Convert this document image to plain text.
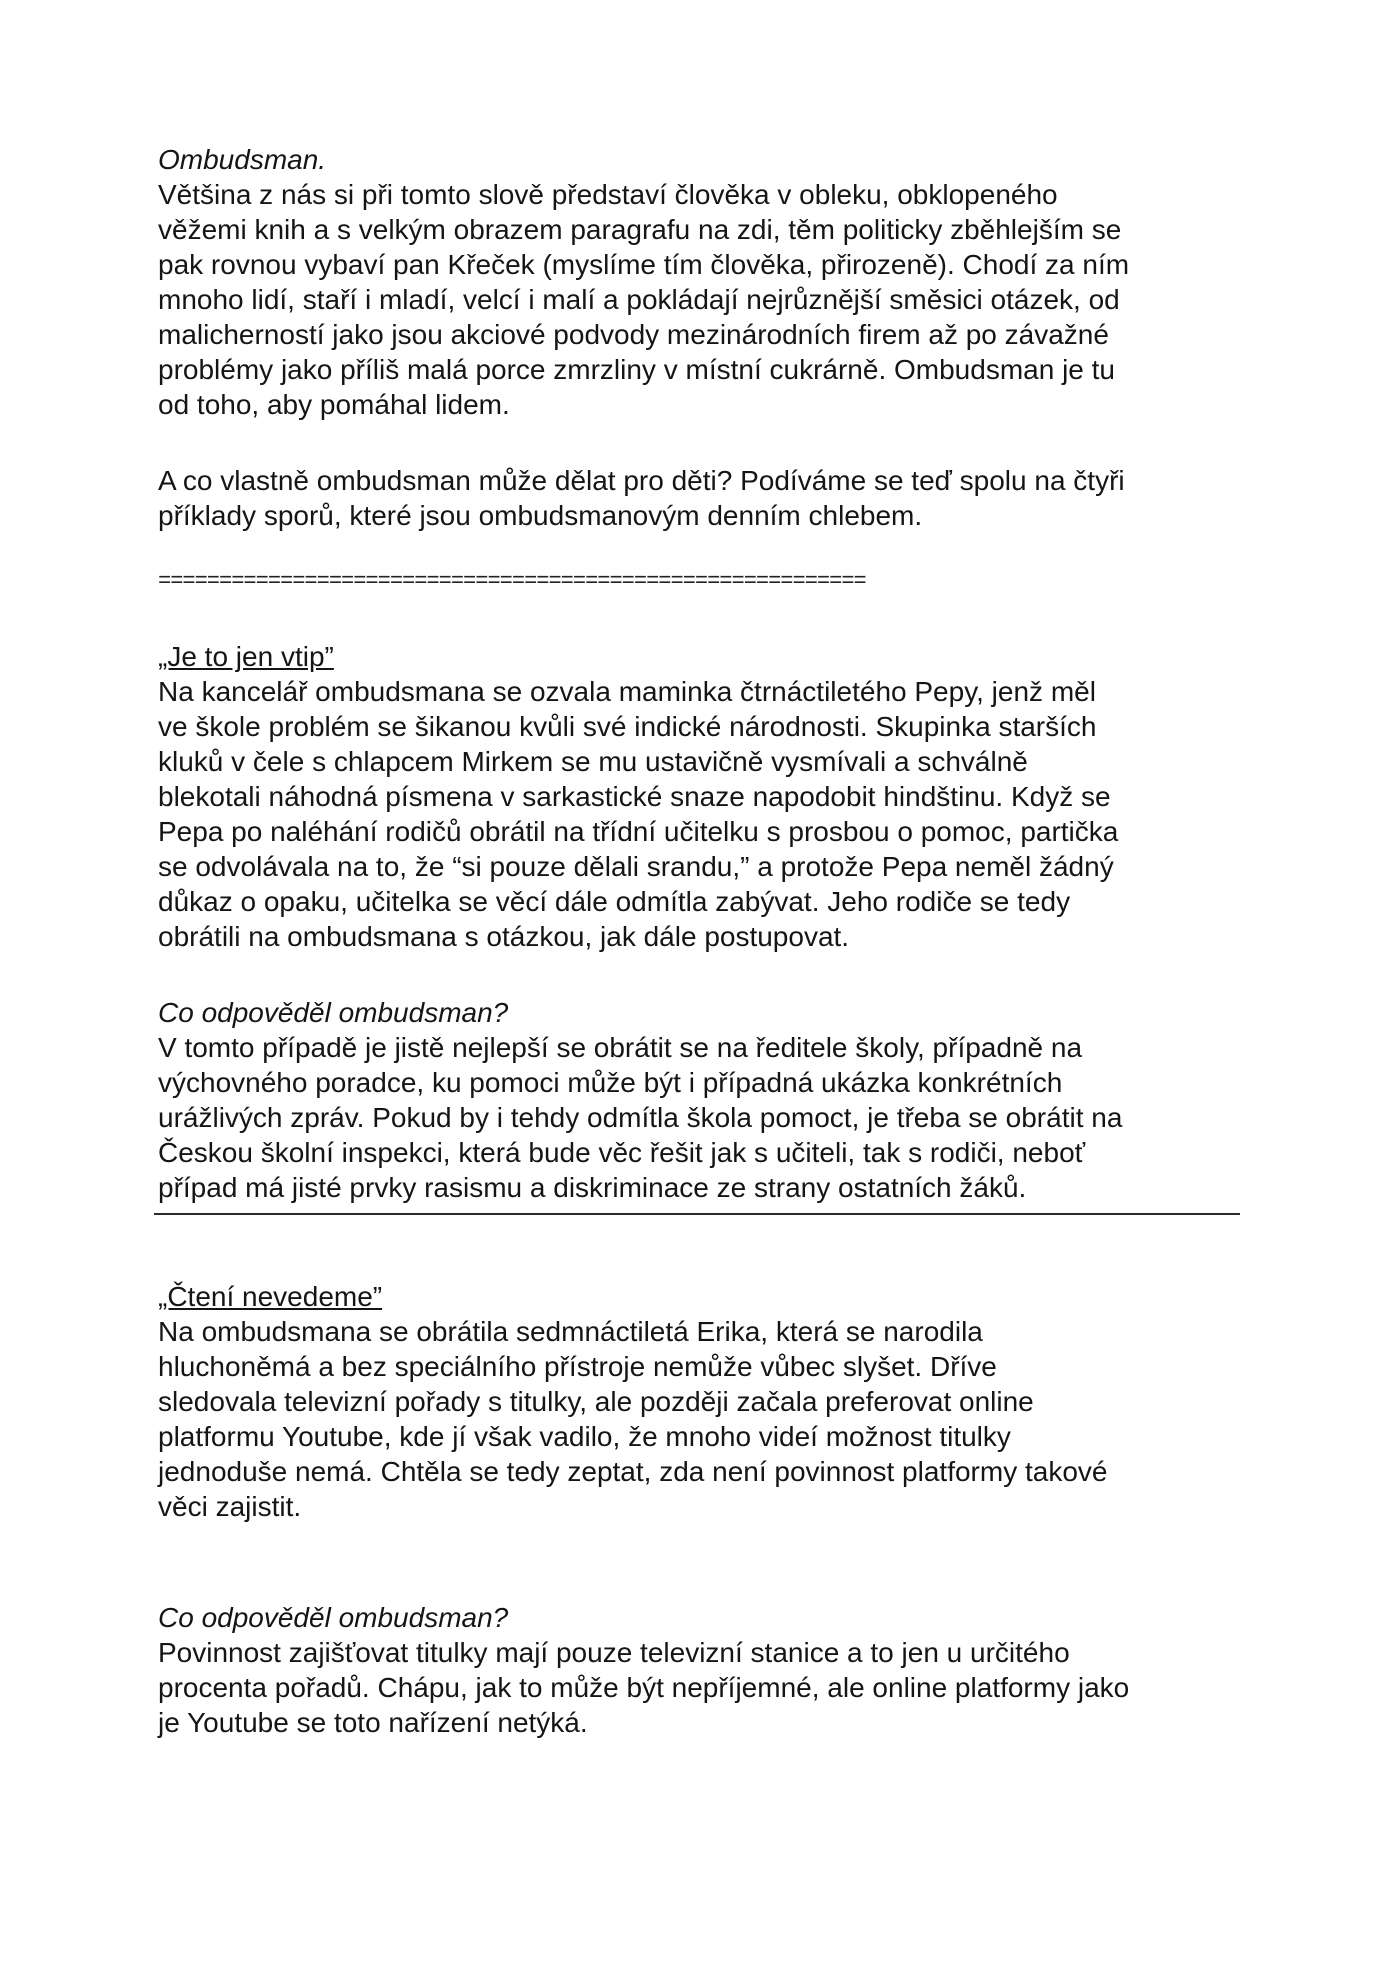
Ombudsman.

Většina z nás si při tomto slově představí člověka v obleku, obklopeného
věžemi knih a s velkým obrazem paragrafu na zdi, těm politicky zběhlejším se
pak rovnou vybaví pan Křeček (myslíme tím člověka, přirozeně). Chodí za ním
mnoho lidí, staří i mladí, velcí i malí a pokládají nejrůznější směsici otázek, od
malicherností jako jsou akciové podvody mezinárodních firem až po závažné
problémy jako příliš malá porce zmrzliny v místní cukrárně. Ombudsman je tu
od toho, aby pomáhal lidem.
A co vlastně ombudsman může dělat pro děti? Podíváme se teď spolu na čtyři
příklady sporů, které jsou ombudsmanovým denním chlebem.
==========================================================

„Je to jen vtip”

Na kancelář ombudsmana se ozvala maminka čtrnáctiletého Pepy, jenž měl
ve škole problém se šikanou kvůli své indické národnosti. Skupinka starších
kluků v čele s chlapcem Mirkem se mu ustavičně vysmívali a schválně
blekotali náhodná písmena v sarkastické snaze napodobit hindštinu. Když se
Pepa po naléhání rodičů obrátil na třídní učitelku s prosbou o pomoc, partička
se odvolávala na to, že “si pouze dělali srandu,” a protože Pepa neměl žádný
důkaz o opaku, učitelka se věcí dále odmítla zabývat. Jeho rodiče se tedy
obrátili na ombudsmana s otázkou, jak dále postupovat.

Co odpověděl ombudsman?

V tomto případě je jistě nejlepší se obrátit se na ředitele školy, případně na
výchovného poradce, ku pomoci může být i případná ukázka konkrétních
urážlivých zpráv. Pokud by i tehdy odmítla škola pomoct, je třeba se obrátit na
Českou školní inspekci, která bude věc řešit jak s učiteli, tak s rodiči, neboť
případ má jisté prvky rasismu a diskriminace ze strany ostatních žáků.

„Čtení nevedeme”

Na ombudsmana se obrátila sedmnáctiletá Erika, která se narodila
hluchoněmá a bez speciálního přístroje nemůže vůbec slyšet. Dříve
sledovala televizní pořady s titulky, ale později začala preferovat online
platformu Youtube, kde jí však vadilo, že mnoho videí možnost titulky
jednoduše nemá. Chtěla se tedy zeptat, zda není povinnost platformy takové
věci zajistit.

Co odpověděl ombudsman?

Povinnost zajišťovat titulky mají pouze televizní stanice a to jen u určitého
procenta pořadů. Chápu, jak to může být nepříjemné, ale online platformy jako
je Youtube se toto nařízení netýká.
